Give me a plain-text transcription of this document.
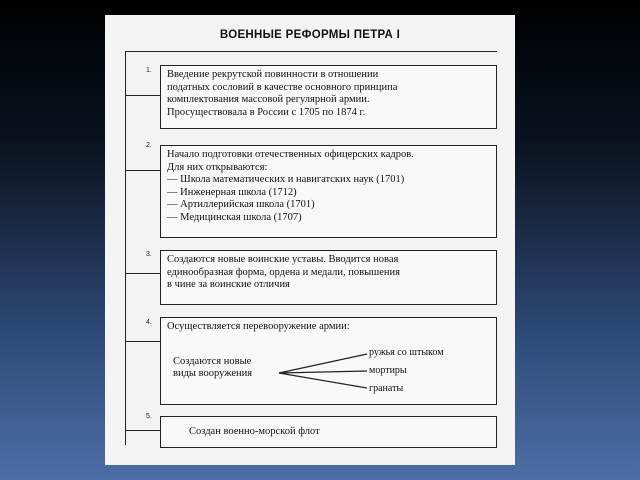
ВОЕННЫЕ РЕФОРМЫ ПЕТРА I
1. Введение рекрутской повинности в отношении

податных сословий в качестве основного принципа

комплектования массовой регулярной армии.

Просуществовала в России с 1705 по 1874 г.

2.

Начало подготовки отечественных офицерских кадров.

Для них открываются:

— Школа математических и навигатских наук (1701)

— Инженерная школа (1712)

— Артиллерийская школа (1701)

— Медицинская школа (1707)

3. Создаются новые воинские уставы. Вводится новая

единообразная форма, ордена и медали, повышения

в чине за воинские отличия

4. Осуществляется перевооружение армии:

Создаются новые
виды вооружения
ружья со штыком
мортиры
гранаты
5.

Создан военно-морской флот
